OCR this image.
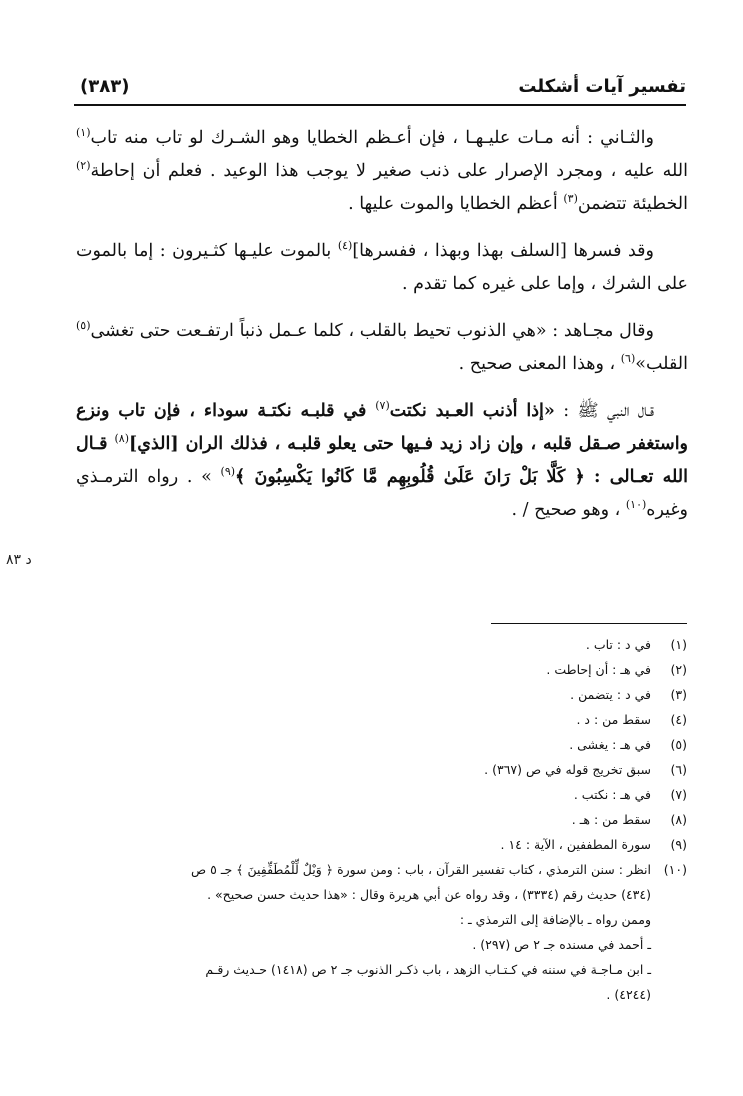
تفسير آيات أشكلت
(٣٨٣)

والثـاني : أنه مـات عليـهـا ، فإن أعـظم الخطايا وهو الشـرك لو تاب منه تاب$^{(١)}$ الله عليه ، ومجرد الإصرار على ذنب صغير لا يوجب هذا الوعيد . فعلم أن إحاطة$^{(٢)}$ الخطيئة تتضمن$^{(٣)}$ أعظم الخطايا والموت عليها .

وقد فسرها [السلف بهذا وبهذا ، ففسرها]$^{(٤)}$ بالموت عليـها كثـيرون : إما بالموت على الشرك ، وإما على غيره كما تقدم .

وقال مجـاهد : «هي الذنوب تحيط بالقلب ، كلما عـمل ذنباً ارتفـعت حتى تغشى$^{(٥)}$ القلب»$^{(٦)}$ ، وهذا المعنى صحيح .

قـال النبي ﷺ : «إذا أذنب العـبد نكتت$^{(٧)}$ في قلبـه نكتـة سوداء ، فإن تاب ونزع واستغفر صـقل قلبه ، وإن زاد زيد فـيها حتى يعلو قلبـه ، فذلك الران [الذي]$^{(٨)}$ قـال الله تعـالى : ﴿ كَلَّا بَلْ رَانَ عَلَىٰ قُلُوبِهِم مَّا كَانُوا يَكْسِبُونَ ﴾$^{(٩)}$ » . رواه الترمـذي وغيره$^{(١٠)}$ ، وهو صحيح / .

د ٨٣
(١)في د : تاب .
(٢)في هـ : أن إحاطت .
(٣)في د : يتضمن .
(٤)سقط من : د .
(٥)في هـ : يغشى .
(٦)سبق تخريج قوله في ص (٣٦٧) .
(٧)في هـ : نكتب .
(٨)سقط من : هـ .
(٩)سورة المطففين ، الآية : ١٤ .
(١٠)انظر : سنن الترمذي ، كتاب تفسير القرآن ، باب : ومن سورة ﴿ وَيْلٌ لِّلْمُطَفِّفِينَ ﴾ جـ ٥ ص
(٤٣٤) حديث رقم (٣٣٣٤) ، وقد رواه عن أبي هريرة وقال : «هذا حديث حسن صحيح» .
وممن رواه ـ بالإضافة إلى الترمذي ـ :
ـ أحمد في مسنده جـ ٢ ص (٢٩٧) .
ـ ابن مـاجـة في سننه في كـتـاب الزهد ، باب ذكـر الذنوب جـ ٢ ص (١٤١٨) حـديث رقـم
(٤٢٤٤) .
